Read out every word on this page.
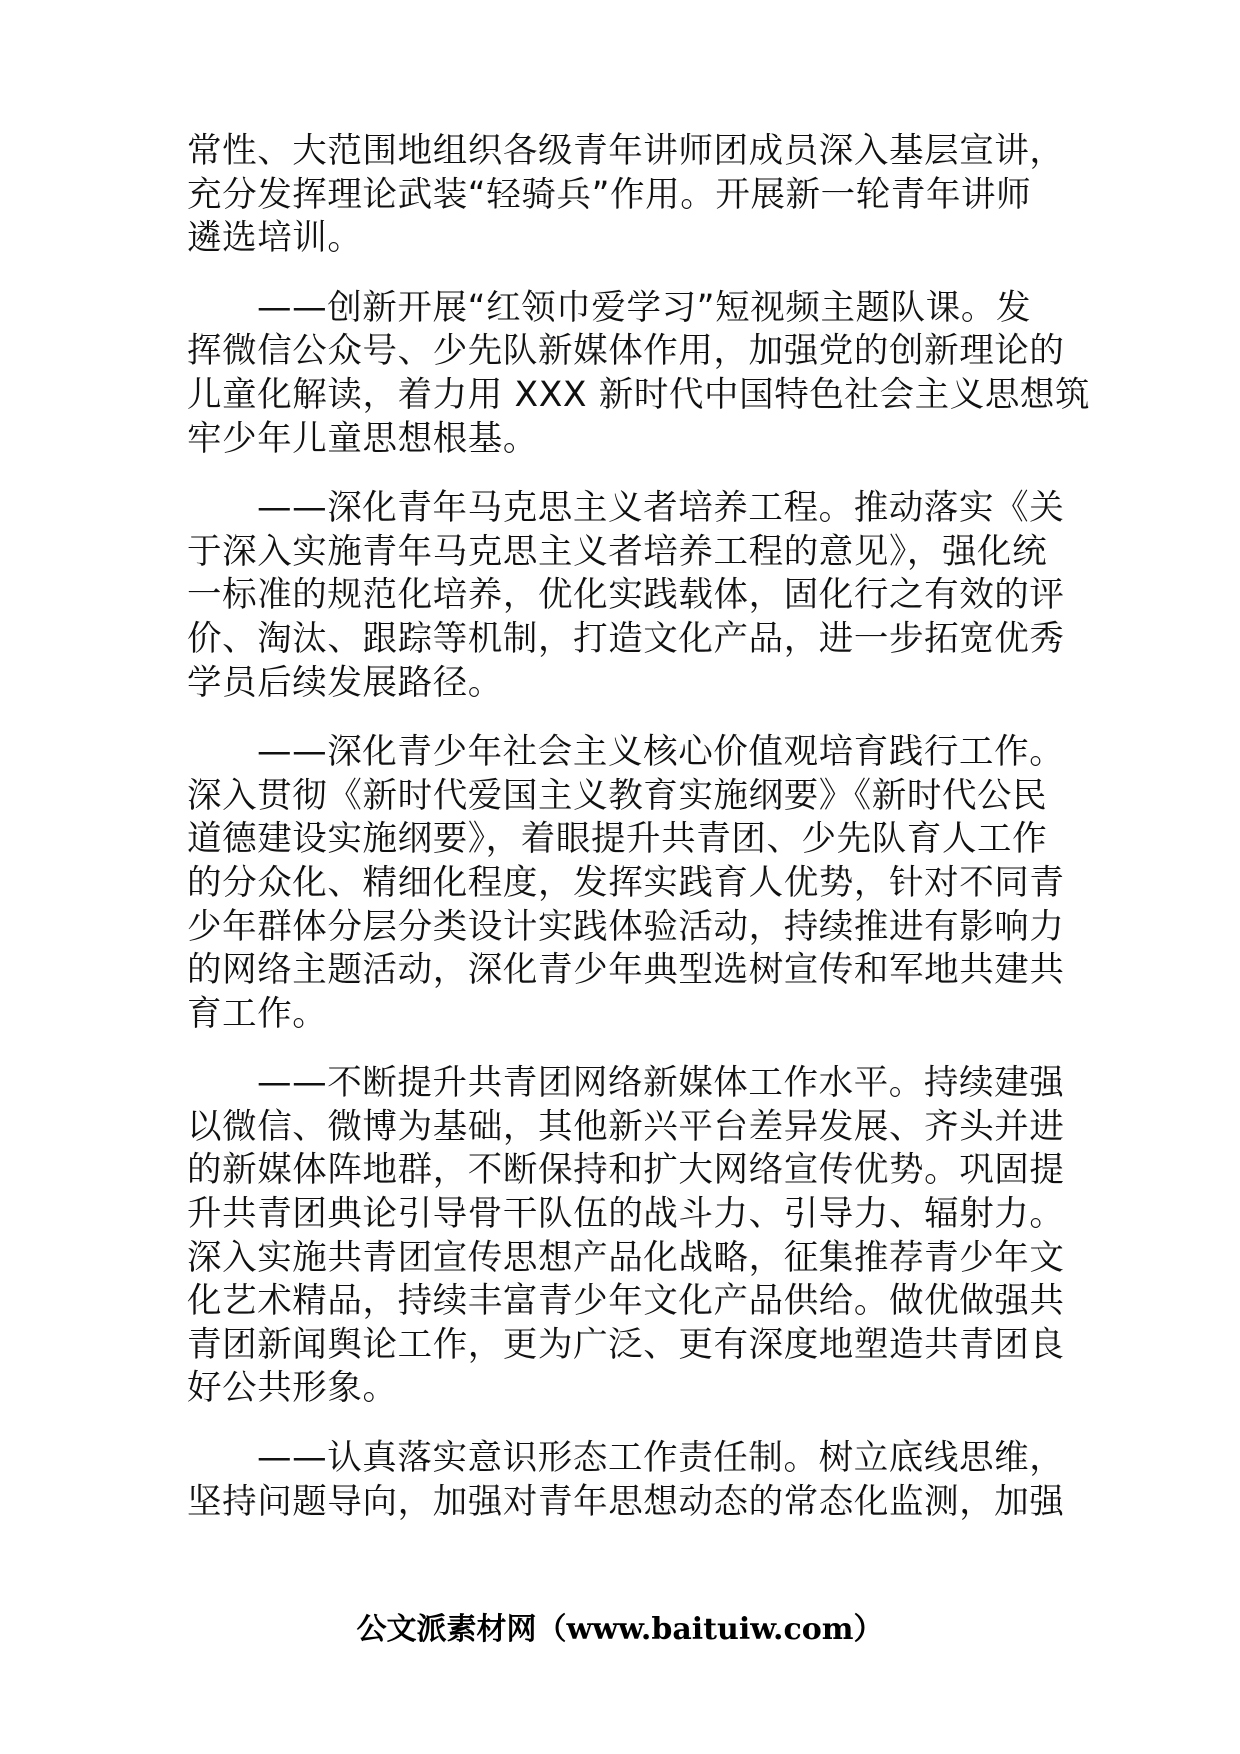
常性、大范围地组织各级青年讲师团成员深入基层宣讲，
充分发挥理论武装“轻骑兵”作用。开展新一轮青年讲师
遴选培训。
——创新开展“红领巾爱学习”短视频主题队课。发
挥微信公众号、少先队新媒体作用，加强党的创新理论的
儿童化解读，着力用 XXX 新时代中国特色社会主义思想筑
牢少年儿童思想根基。
——深化青年马克思主义者培养工程。推动落实《关
于深入实施青年马克思主义者培养工程的意见》，强化统
一标准的规范化培养，优化实践载体，固化行之有效的评
价、淘汰、跟踪等机制，打造文化产品，进一步拓宽优秀
学员后续发展路径。
——深化青少年社会主义核心价值观培育践行工作。
深入贯彻《新时代爱国主义教育实施纲要》《新时代公民
道德建设实施纲要》，着眼提升共青团、少先队育人工作
的分众化、精细化程度，发挥实践育人优势，针对不同青
少年群体分层分类设计实践体验活动，持续推进有影响力
的网络主题活动，深化青少年典型选树宣传和军地共建共
育工作。
——不断提升共青团网络新媒体工作水平。持续建强
以微信、微博为基础，其他新兴平台差异发展、齐头并进
的新媒体阵地群，不断保持和扩大网络宣传优势。巩固提
升共青团典论引导骨干队伍的战斗力、引导力、辐射力。
深入实施共青团宣传思想产品化战略，征集推荐青少年文
化艺术精品，持续丰富青少年文化产品供给。做优做强共
青团新闻舆论工作，更为广泛、更有深度地塑造共青团良
好公共形象。
——认真落实意识形态工作责任制。树立底线思维，
坚持问题导向，加强对青年思想动态的常态化监测，加强
公文派素材网（www.baituiw.com）
